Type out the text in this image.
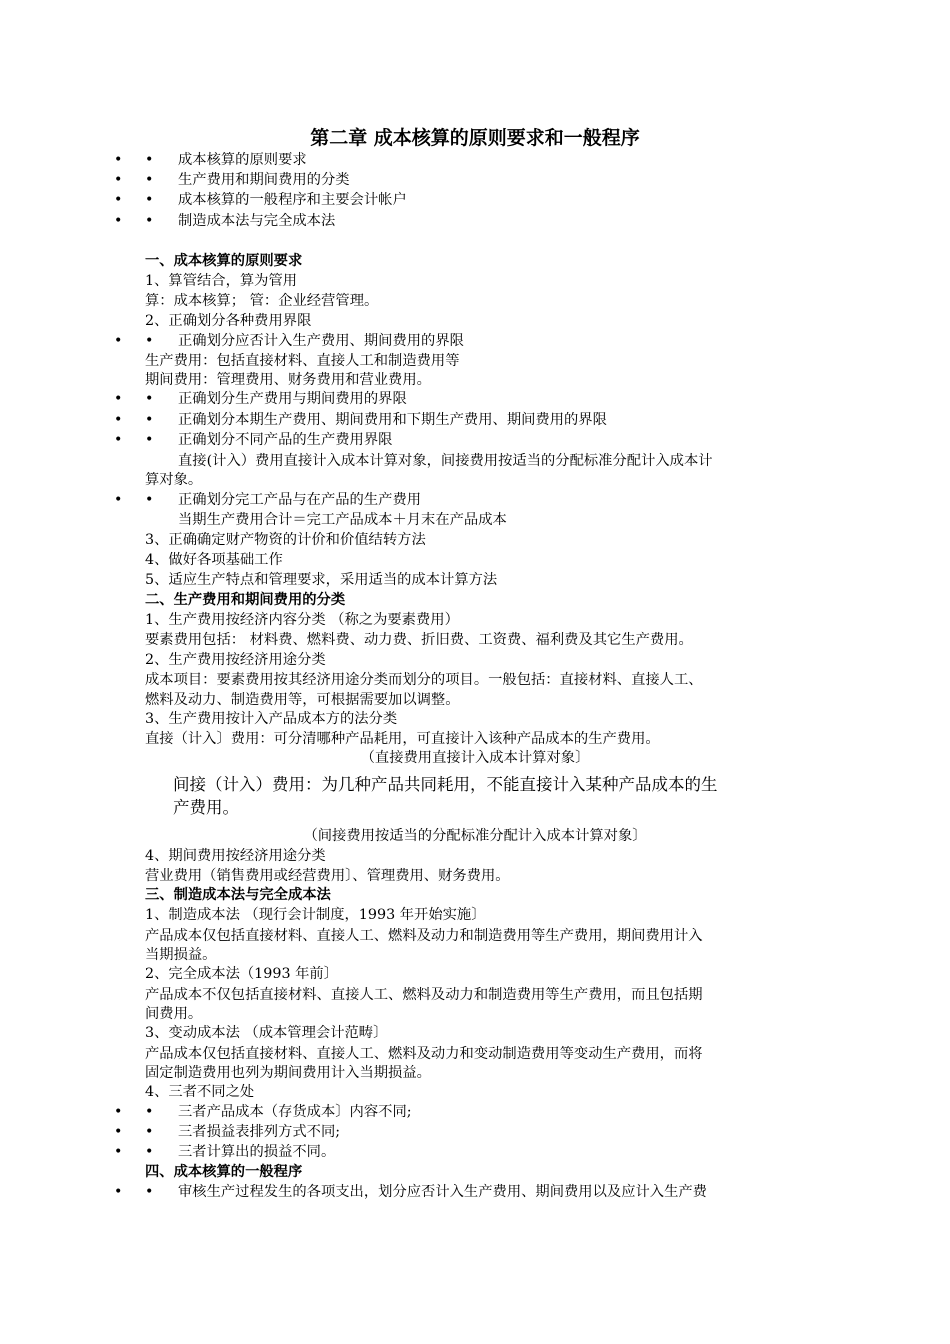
第二章 成本核算的原则要求和一般程序
• • 成本核算的原则要求
• • 生产费用和期间费用的分类
• • 成本核算的一般程序和主要会计帐户
• • 制造成本法与完全成本法
一、成本核算的原则要求
1、算管结合，算为管用
算：成本核算； 管：企业经营管理。
2、正确划分各种费用界限
• • 正确划分应否计入生产费用、期间费用的界限
生产费用：包括直接材料、直接人工和制造费用等
期间费用：管理费用、财务费用和营业费用。
• • 正确划分生产费用与期间费用的界限
• • 正确划分本期生产费用、期间费用和下期生产费用、期间费用的界限
• • 正确划分不同产品的生产费用界限
直接(计入）费用直接计入成本计算对象，间接费用按适当的分配标准分配计入成本计
算对象。
• • 正确划分完工产品与在产品的生产费用
当期生产费用合计＝完工产品成本＋月末在产品成本
3、正确确定财产物资的计价和价值结转方法
4、做好各项基础工作
5、适应生产特点和管理要求，采用适当的成本计算方法
二、生产费用和期间费用的分类
1、生产费用按经济内容分类 （称之为要素费用）
要素费用包括： 材料费、燃料费、动力费、折旧费、工资费、福利费及其它生产费用。
2、生产费用按经济用途分类
成本项目：要素费用按其经济用途分类而划分的项目。一般包括：直接材料、直接人工、
燃料及动力、制造费用等，可根据需要加以调整。
3、生产费用按计入产品成本方的法分类
直接（计入〕费用：可分清哪种产品耗用，可直接计入该种产品成本的生产费用。
（直接费用直接计入成本计算对象〕
间接（计入）费用：为几种产品共同耗用，不能直接计入某种产品成本的生
产费用。
（间接费用按适当的分配标准分配计入成本计算对象〕
4、期间费用按经济用途分类
营业费用（销售费用或经营费用〕、管理费用、财务费用。
三、制造成本法与完全成本法
1、制造成本法 （现行会计制度，1993 年开始实施〕
产品成本仅包括直接材料、直接人工、燃料及动力和制造费用等生产费用，期间费用计入
当期损益。
2、完全成本法（1993 年前〕
产品成本不仅包括直接材料、直接人工、燃料及动力和制造费用等生产费用，而且包括期
间费用。
3、变动成本法 （成本管理会计范畴〕
产品成本仅包括直接材料、直接人工、燃料及动力和变动制造费用等变动生产费用，而将
固定制造费用也列为期间费用计入当期损益。
4、三者不同之处
• • 三者产品成本（存货成本〕内容不同;
• • 三者损益表排列方式不同;
• • 三者计算出的损益不同。
四、成本核算的一般程序
• • 审核生产过程发生的各项支出，划分应否计入生产费用、期间费用以及应计入生产费
